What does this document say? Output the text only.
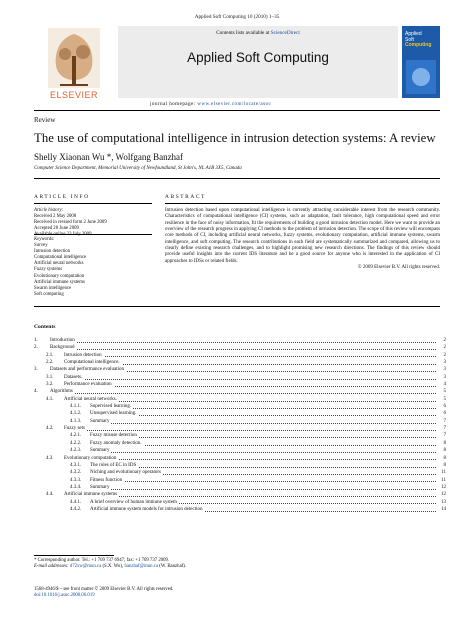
Applied Soft Computing 10 (2010) 1–35
ELSEVIER
Contents lists available at ScienceDirect
Applied Soft Computing
journal homepage: www.elsevier.com/locate/asoc
Applied
Soft
Computing
Review
The use of computational intelligence in intrusion detection systems: A review
Shelly Xiaonan Wu *, Wolfgang Banzhaf
Computer Science Department, Memorial University of Newfoundland, St John's, NL A1B 3X5, Canada
ARTICLE INFO	ABSTRACT
Article history:
Received 2 May 2008
Received in revised form 2 June 2009
Accepted 28 June 2009
Available online 23 July 2009
Keywords:
Survey
Intrusion detection
Computational intelligence
Artificial neural networks
Fuzzy systems
Evolutionary computation
Artificial immune systems
Swarm intelligence
Soft computing
Intrusion detection based upon computational intelligence is currently attracting considerable interest from the research community. Characteristics of computational intelligence (CI) systems, such as adaptation, fault tolerance, high computational speed and error resilience in the face of noisy information, fit the requirements of building a good intrusion detection model. Here we want to provide an overview of the research progress in applying CI methods to the problem of intrusion detection. The scope of this review will encompass core methods of CI, including artificial neural networks, fuzzy systems, evolutionary computation, artificial immune systems, swarm intelligence, and soft computing. The research contributions in each field are systematically summarized and compared, allowing us to clearly define existing research challenges, and to highlight promising new research directions. The findings of this review should provide useful insights into the current IDS literature and be a good source for anyone who is interested in the application of CI approaches to IDSs or related fields.
© 2009 Elsevier B.V. All rights reserved.
Contents
1. Introduction	2
2. Background	2
2.1. Intrusion detection	2
2.2. Computational intelligence.	3
3. Datasets and performance evaluation	3
3.1. Datasets.	3
3.2. Performance evaluation	4
4. Algorithms	5
4.1. Artificial neural networks.	5
4.1.1. Supervised learning.	6
4.1.2. Unsupervised learning.	6
4.1.3. Summary	7
4.2. Fuzzy sets	7
4.2.1. Fuzzy misuse detection	7
4.2.2. Fuzzy anomaly detection.	8
4.2.3. Summary	8
4.3. Evolutionary computation	8
4.3.1. The roles of EC in IDS	8
4.3.2. Niching and evolutionary operators	11
4.3.3. Fitness function	11
4.3.4. Summary	12
4.4. Artificial immune systems	12
4.4.1. A brief overview of human immune system	13
4.4.2. Artificial immune system models for intrusion detection	14
* Corresponding author. Tel.: +1 709 737 6947; fax: +1 709 737 2009.
E-mail addresses: d72xw@mun.ca (S.X. Wu), banzhaf@mun.ca (W. Banzhaf).
1568-4946/$ – see front matter © 2009 Elsevier B.V. All rights reserved.
doi:10.1016/j.asoc.2008.06.019
